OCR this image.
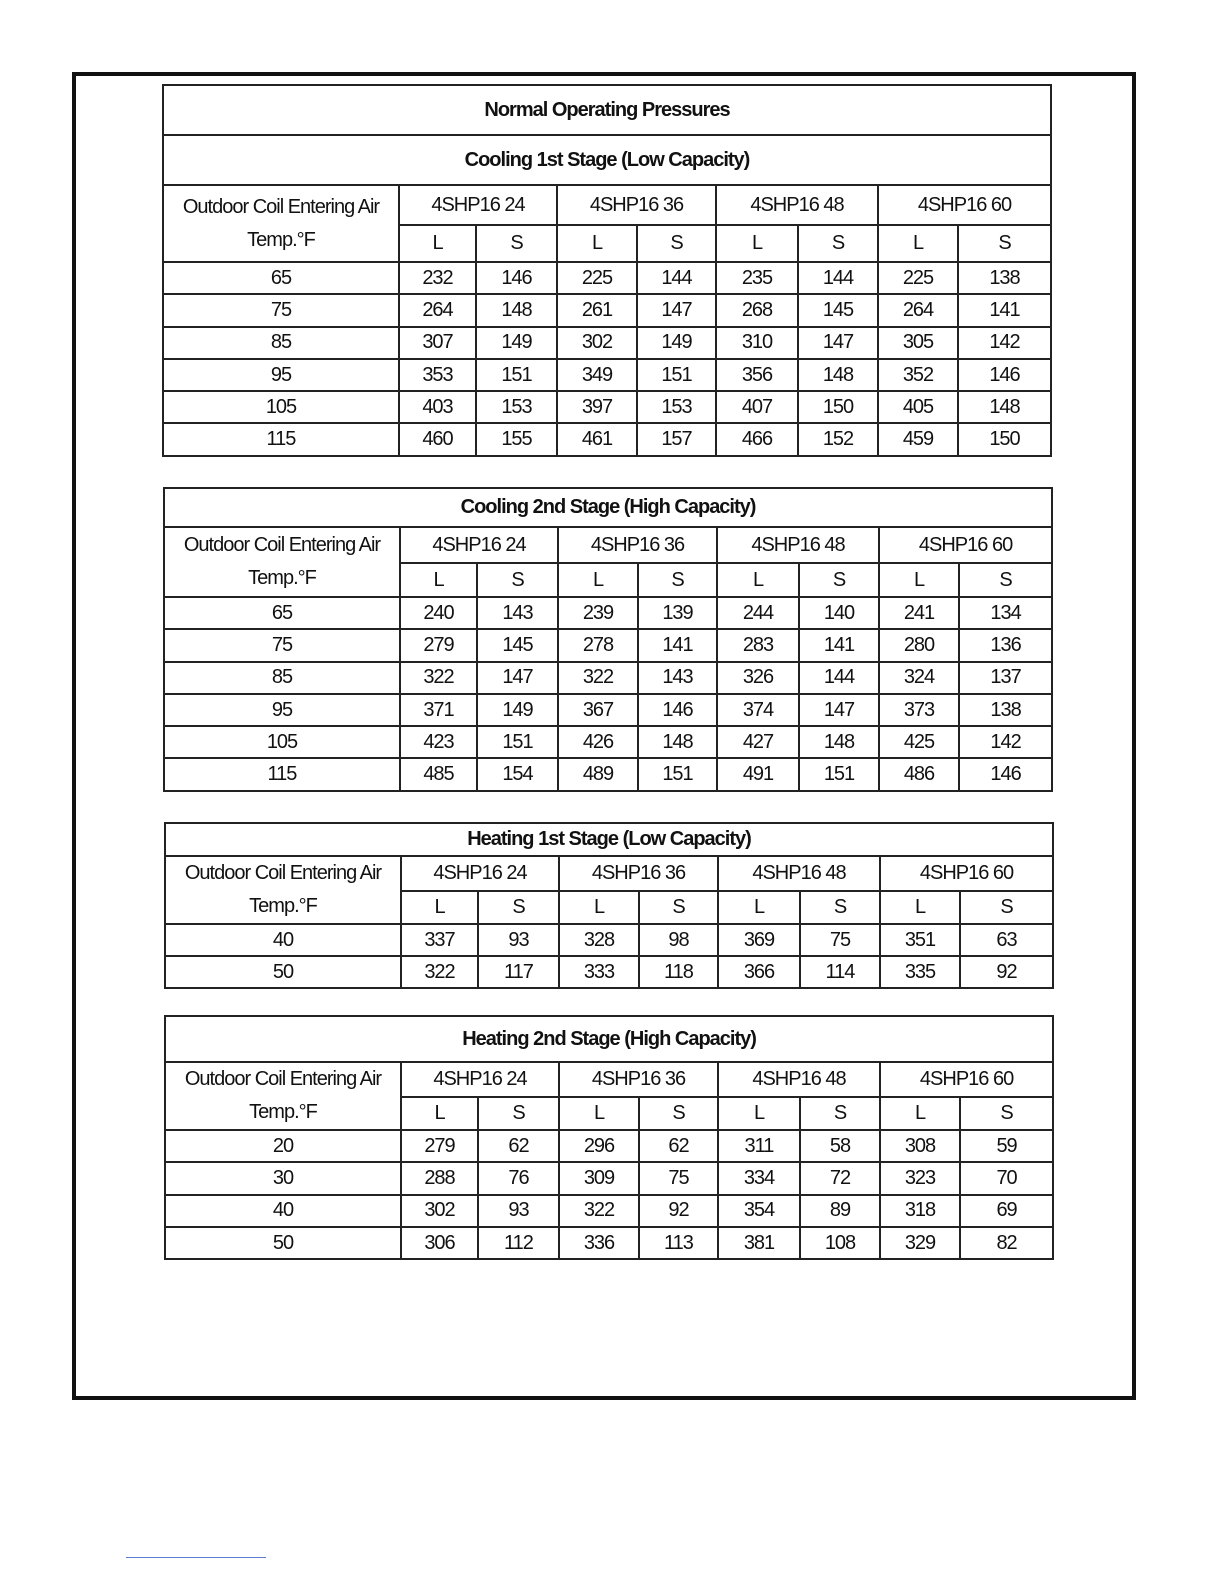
Normal Operating Pressures								
Cooling 1st Stage (Low Capacity)								

Outdoor Coil Entering Air
Temp.°F	4SHP16 24		4SHP16 36		4SHP16 48		4SHP16 60	
	L	S	L	S	L	S	L	S
65	232	146	225	144	235	144	225	138
75	264	148	261	147	268	145	264	141
85	307	149	302	149	310	147	305	142
95	353	151	349	151	356	148	352	146
105	403	153	397	153	407	150	405	148
115	460	155	461	157	466	152	459	150
Cooling 2nd Stage (High Capacity)								

Outdoor Coil Entering Air
Temp.°F	4SHP16 24		4SHP16 36		4SHP16 48		4SHP16 60	
	L	S	L	S	L	S	L	S
65	240	143	239	139	244	140	241	134
75	279	145	278	141	283	141	280	136
85	322	147	322	143	326	144	324	137
95	371	149	367	146	374	147	373	138
105	423	151	426	148	427	148	425	142
115	485	154	489	151	491	151	486	146
Heating 1st Stage (Low Capacity)								

Outdoor Coil Entering Air
Temp.°F	4SHP16 24		4SHP16 36		4SHP16 48		4SHP16 60	
	L	S	L	S	L	S	L	S
40	337	93	328	98	369	75	351	63
50	322	117	333	118	366	114	335	92
Heating 2nd Stage (High Capacity)								

Outdoor Coil Entering Air
Temp.°F	4SHP16 24		4SHP16 36		4SHP16 48		4SHP16 60	
	L	S	L	S	L	S	L	S
20	279	62	296	62	311	58	308	59
30	288	76	309	75	334	72	323	70
40	302	93	322	92	354	89	318	69
50	306	112	336	113	381	108	329	82
